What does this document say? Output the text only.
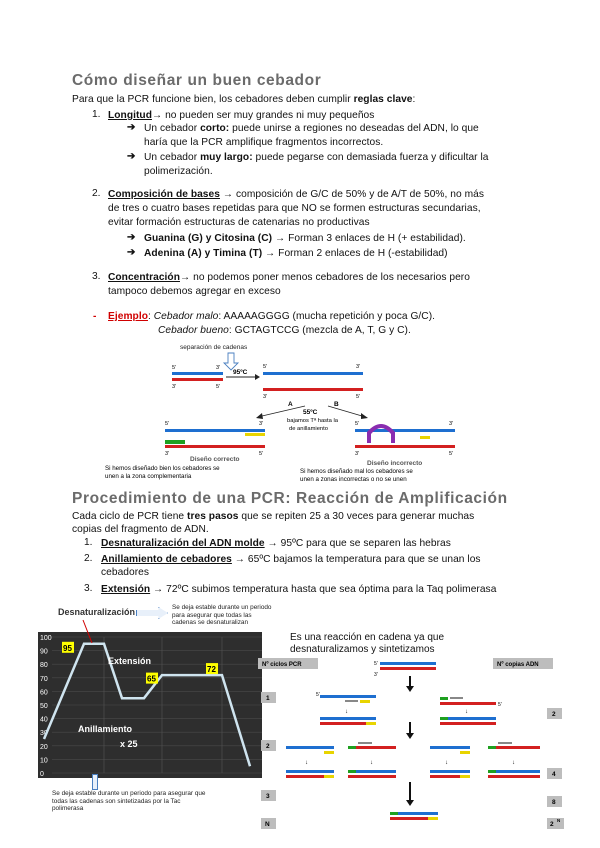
Cómo diseñar un buen cebador
Para que la PCR funcione bien, los cebadores deben cumplir reglas clave:
1. Longitud→ no pueden ser muy grandes ni muy pequeños
➔ Un cebador corto: puede unirse a regiones no deseadas del ADN, lo que
haría que la PCR amplifique fragmentos incorrectos.
➔ Un cebador muy largo: puede pegarse con demasiada fuerza y dificultar la
polimerización.
2. Composición de bases → composición de G/C de 50% y de A/T de 50%, no más
de tres o cuatro bases repetidas para que NO se formen estructuras secundarias,
evitar formación estructuras de catenarias no productivas
➔ Guanina (G) y Citosina (C) → Forman 3 enlaces de H (+ estabilidad).
➔ Adenina (A) y Timina (T) → Forman 2 enlaces de H (-estabilidad)
3. Concentración→ no podemos poner menos cebadores de los necesarios pero
tampoco debemos agregar en exceso
- Ejemplo: Cebador malo: AAAAAGGGG (mucha repetición y poca G/C).
Cebador bueno: GCTAGTCCG (mezcla de A, T, G y C).
separación de cadenas
5'	3'
3'	5'
95ºC
5'	3'
3'	5'
A	B
55ºC
bajamos Tª hasta la
de anillamiento
5'	3'
3'	5'
Diseño correcto
Si hemos diseñado bien los cebadores se
unen a la zona complementaria
5'	3'
3'	5'
Diseño incorrecto
Si hemos diseñado mal los cebadores se
unen a zonas incorrectas o no se unen
Procedimiento de una PCR: Reacción de Amplificación
Cada ciclo de PCR tiene tres pasos que se repiten 25 a 30 veces para generar muchas
copias del fragmento de ADN.
1. Desnaturalización del ADN molde → 95ºC para que se separen las hebras
2. Anillamiento de cebadores → 65ºC bajamos la temperatura para que se unan los
cebadores
3. Extensión → 72ºC subimos temperatura hasta que sea óptima para la Taq polimerasa
Desnaturalización	Se deja estable durante un periodo
para asegurar que todas las
cadenas se desnaturalizan
100
90
80
70
60
50
40
30
20
10
0
Extensión
Anillamiento
x 25
95
65
72
Se deja estable durante un periodo para asegurar que
todas las cadenas son sintetizadas por la Tac
polimerasa
Es una reacción en cadena ya que
desnaturalizamos y sintetizamos
Nº ciclos PCR	Nº copias ADN
1
2
3
N
2
4
8
2
N
5'
3'
5'
5'
↓	↓
↓	↓	↓	↓
